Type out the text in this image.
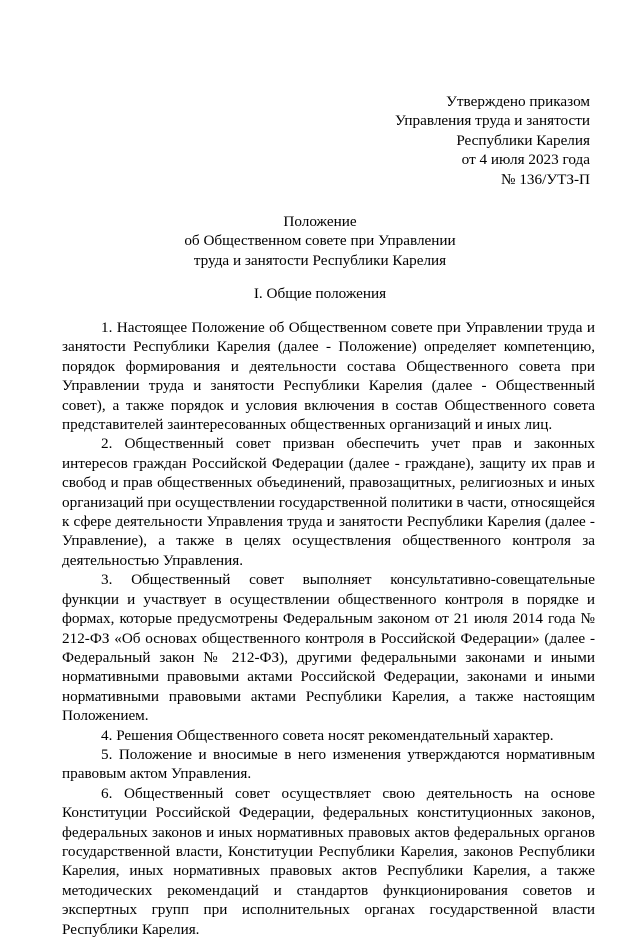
Утверждено приказом
Управления труда и занятости
Республики Карелия
от 4 июля 2023 года
№ 136/УТЗ-П
Положение
об Общественном совете при Управлении
труда и занятости Республики Карелия
I. Общие положения

1. Настоящее Положение об Общественном совете при Управлении труда и занятости Республики Карелия (далее - Положение) определяет компетенцию, порядок формирования и деятельности состава Общественного совета при Управлении труда и занятости Республики Карелия (далее - Общественный совет), а также порядок и условия включения в состав Общественного совета представителей заинтересованных общественных организаций и иных лиц.

2. Общественный совет призван обеспечить учет прав и законных интересов граждан Российской Федерации (далее - граждане), защиту их прав и свобод и прав общественных объединений, правозащитных, религиозных и иных организаций при осуществлении государственной политики в части, относящейся к сфере деятельности Управления труда и занятости Республики Карелия (далее - Управление), а также в целях осуществления общественного контроля за деятельностью Управления.

3. Общественный совет выполняет консультативно-совещательные функции и участвует в осуществлении общественного контроля в порядке и формах, которые предусмотрены Федеральным законом от 21 июля 2014 года № 212-ФЗ «Об основах общественного контроля в Российской Федерации» (далее - Федеральный закон № 212-ФЗ), другими федеральными законами и иными нормативными правовыми актами Российской Федерации, законами и иными нормативными правовыми актами Республики Карелия, а также настоящим Положением.

4. Решения Общественного совета носят рекомендательный характер.

5. Положение и вносимые в него изменения утверждаются нормативным правовым актом Управления.

6. Общественный совет осуществляет свою деятельность на основе Конституции Российской Федерации, федеральных конституционных законов, федеральных законов и иных нормативных правовых актов федеральных органов государственной власти, Конституции Республики Карелия, законов Республики Карелия, иных нормативных правовых актов Республики Карелия, а также методических рекомендаций и стандартов функционирования советов и экспертных групп при исполнительных органах государственной власти Республики Карелия.
